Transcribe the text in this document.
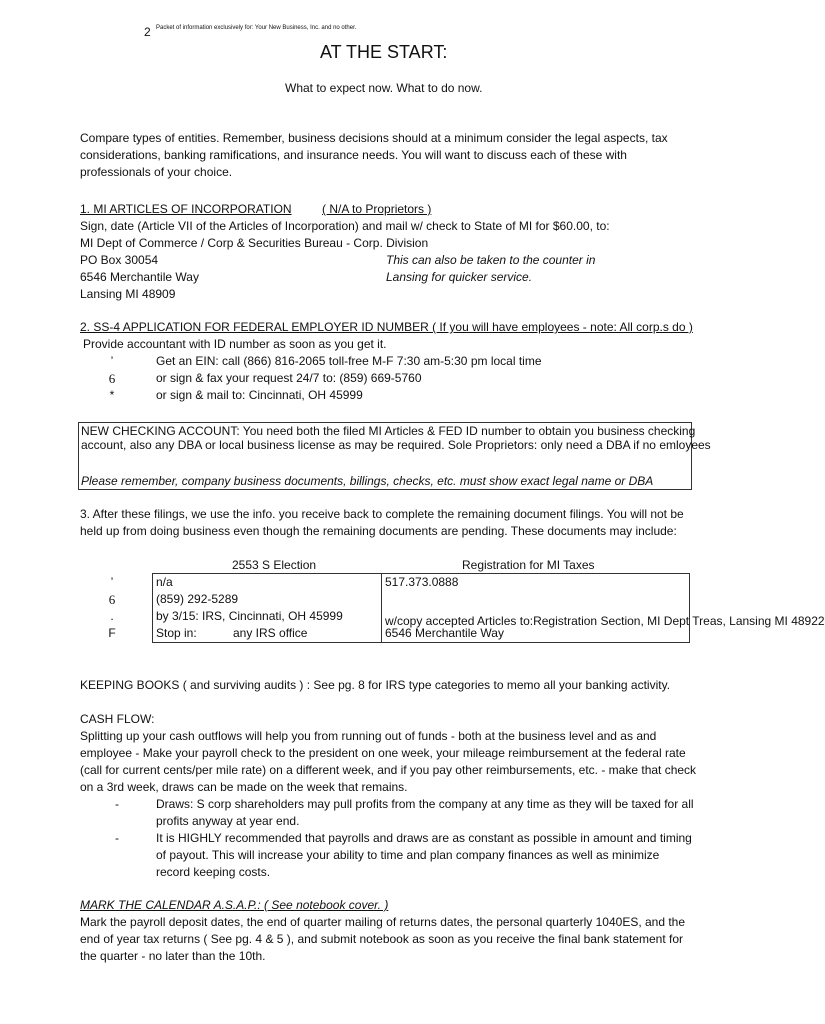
2 Packet of information exclusively for: Your New Business, Inc. and no other.
AT THE START:
What to expect now. What to do now.
Compare types of entities. Remember, business decisions should at a minimum consider the legal aspects, tax
considerations, banking ramifications, and insurance needs. You will want to discuss each of these with
professionals of your choice.
1. MI ARTICLES OF INCORPORATION	( N/A to Proprietors )
Sign, date (Article VII of the Articles of Incorporation) and mail w/ check to State of MI for $60.00, to:
MI Dept of Commerce / Corp & Securities Bureau - Corp. Division
PO Box 30054
6546 Merchantile Way
Lansing MI 48909
This can also be taken to the counter in
Lansing for quicker service.
2. SS-4 APPLICATION FOR FEDERAL EMPLOYER ID NUMBER ( If you will have employees - note: All corp.s do )
Provide accountant with ID number as soon as you get it.
’	Get an EIN: call (866) 816-2065 toll-free M-F 7:30 am-5:30 pm local time
6	or sign & fax your request 24/7 to: (859) 669-5760
*	or sign & mail to: Cincinnati, OH 45999
NEW CHECKING ACCOUNT: You need both the filed MI Articles & FED ID number to obtain you business checking
account, also any DBA or local business license as may be required. Sole Proprietors: only need a DBA if no emloyees
Please remember, company business documents, billings, checks, etc. must show exact legal name or DBA
3. After these filings, we use the info. you receive back to complete the remaining document filings. You will not be
held up from doing business even though the remaining documents are pending. These documents may include:
2553 S Election	Registration for MI Taxes
’	n/a	517.373.0888
6	(859) 292-5289
.	by 3/15: IRS, Cincinnati, OH 45999	w/copy accepted Articles to:Registration Section, MI Dept Treas, Lansing MI 48922
F	Stop in:	any IRS office	6546 Merchantile Way
KEEPING BOOKS ( and surviving audits ) : See pg. 8 for IRS type categories to memo all your banking activity.
CASH FLOW:
Splitting up your cash outflows will help you from running out of funds - both at the business level and as and
employee - Make your payroll check to the president on one week, your mileage reimbursement at the federal rate
(call for current cents/per mile rate) on a different week, and if you pay other reimbursements, etc. - make that check
on a 3rd week, draws can be made on the week that remains.
-	Draws: S corp shareholders may pull profits from the company at any time as they will be taxed for all
profits anyway at year end.
-	It is HIGHLY recommended that payrolls and draws are as constant as possible in amount and timing
of payout. This will increase your ability to time and plan company finances as well as minimize
record keeping costs.
MARK THE CALENDAR A.S.A.P.: ( See notebook cover. )
Mark the payroll deposit dates, the end of quarter mailing of returns dates, the personal quarterly 1040ES, and the
end of year tax returns ( See pg. 4 & 5 ), and submit notebook as soon as you receive the final bank statement for
the quarter - no later than the 10th.
